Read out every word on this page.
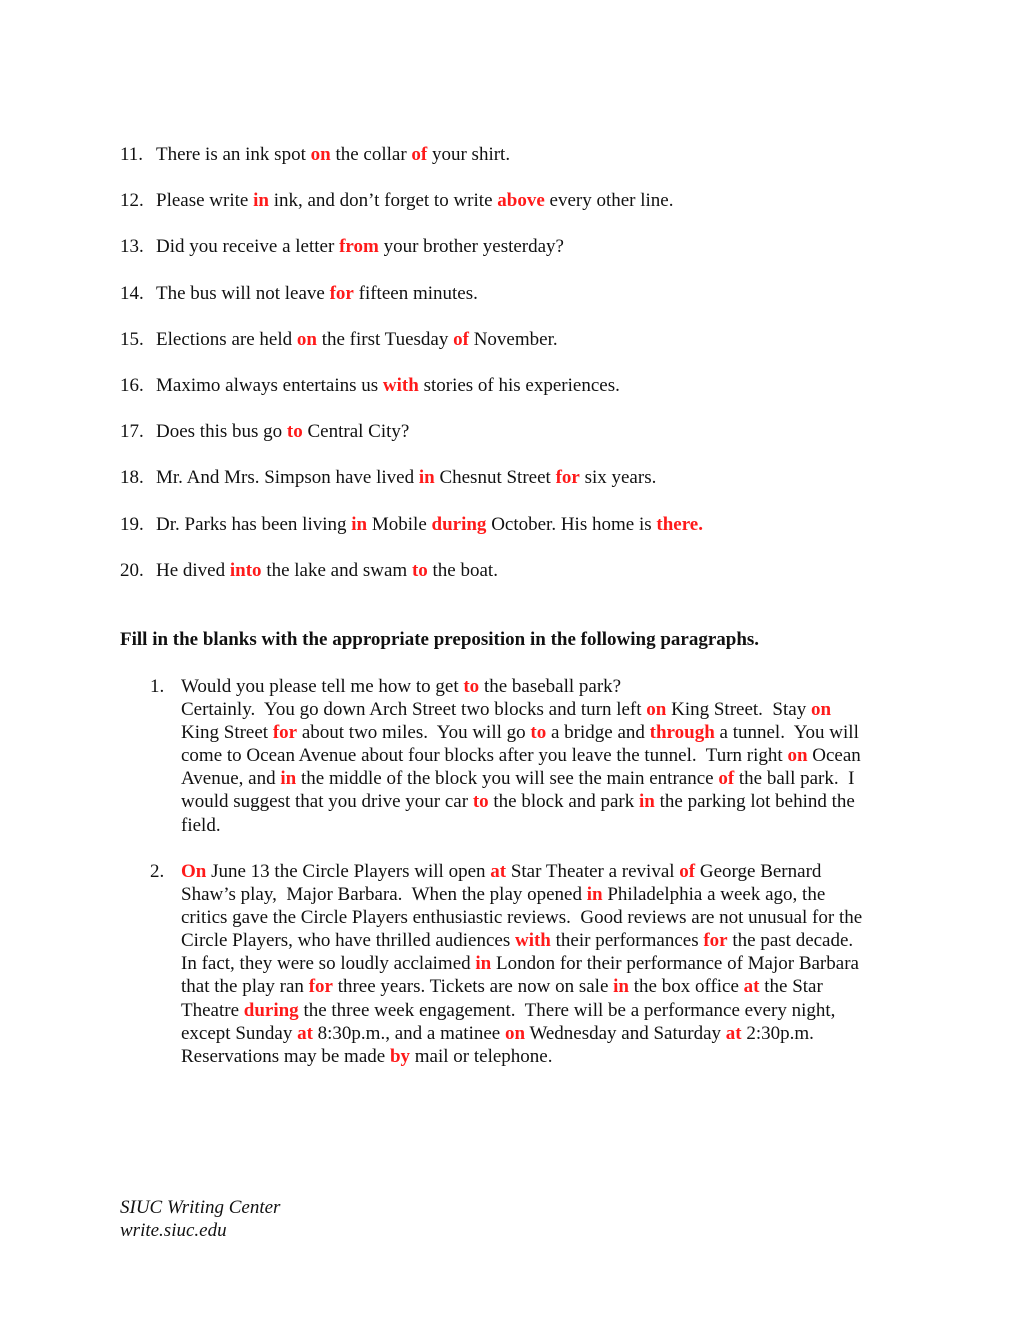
11. There is an ink spot on the collar of your shirt.
12. Please write in ink, and don’t forget to write above every other line.
13. Did you receive a letter from your brother yesterday?
14. The bus will not leave for fifteen minutes.
15. Elections are held on the first Tuesday of November.
16. Maximo always entertains us with stories of his experiences.
17. Does this bus go to Central City?
18. Mr. And Mrs. Simpson have lived in Chesnut Street for six years.
19. Dr. Parks has been living in Mobile during October. His home is there.
20. He dived into the lake and swam to the boat.

Fill in the blanks with the appropriate preposition in the following paragraphs.

1. Would you please tell me how to get to the baseball park?
Certainly.  You go down Arch Street two blocks and turn left on King Street.  Stay on
King Street for about two miles.  You will go to a bridge and through a tunnel.  You will
come to Ocean Avenue about four blocks after you leave the tunnel.  Turn right on Ocean
Avenue, and in the middle of the block you will see the main entrance of the ball park.  I
would suggest that you drive your car to the block and park in the parking lot behind the
field.
2. On June 13 the Circle Players will open at Star Theater a revival of George Bernard
Shaw’s play,  Major Barbara.  When the play opened in Philadelphia a week ago, the
critics gave the Circle Players enthusiastic reviews.  Good reviews are not unusual for the
Circle Players, who have thrilled audiences with their performances for the past decade.
In fact, they were so loudly acclaimed in London for their performance of Major Barbara
that the play ran for three years. Tickets are now on sale in the box office at the Star
Theatre during the three week engagement.  There will be a performance every night,
except Sunday at 8:30p.m., and a matinee on Wednesday and Saturday at 2:30p.m.
Reservations may be made by mail or telephone.
SIUC Writing Center
write.siuc.edu
